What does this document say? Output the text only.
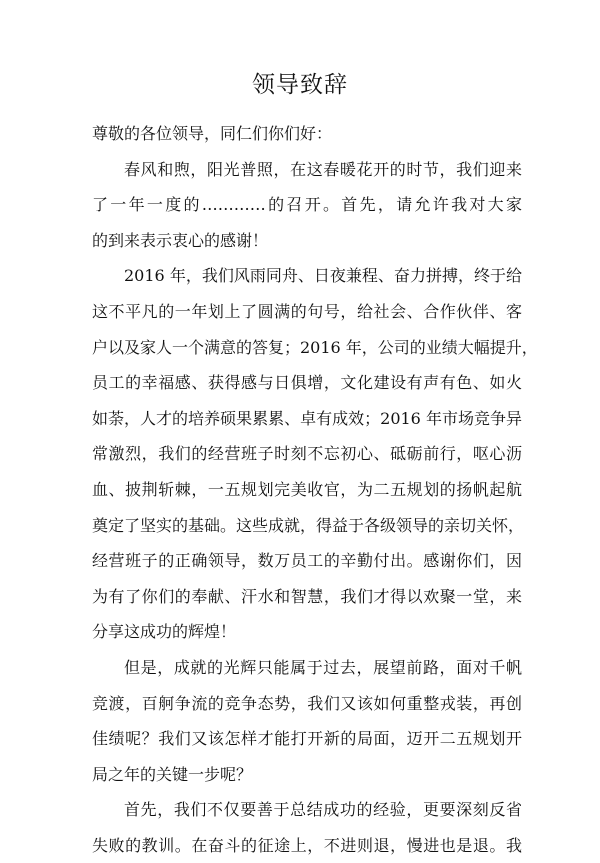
领导致辞
尊敬的各位领导，同仁们你们好：
春风和煦，阳光普照，在这春暖花开的时节，我们迎来
了一年一度的…………的召开。首先，请允许我对大家
的到来表示衷心的感谢！
2016 年，我们风雨同舟、日夜兼程、奋力拼搏，终于给
这不平凡的一年划上了圆满的句号，给社会、合作伙伴、客
户以及家人一个满意的答复；2016 年，公司的业绩大幅提升，
员工的幸福感、获得感与日俱增，文化建设有声有色、如火
如荼，人才的培养硕果累累、卓有成效；2016 年市场竞争异
常激烈，我们的经营班子时刻不忘初心、砥砺前行，呕心沥
血、披荆斩棘，一五规划完美收官，为二五规划的扬帆起航
奠定了坚实的基础。这些成就，得益于各级领导的亲切关怀，
经营班子的正确领导，数万员工的辛勤付出。感谢你们，因
为有了你们的奉献、汗水和智慧，我们才得以欢聚一堂，来
分享这成功的辉煌！
但是，成就的光辉只能属于过去，展望前路，面对千帆
竞渡，百舸争流的竞争态势，我们又该如何重整戎装，再创
佳绩呢？我们又该怎样才能打开新的局面，迈开二五规划开
局之年的关键一步呢？
首先，我们不仅要善于总结成功的经验，更要深刻反省
失败的教训。在奋斗的征途上，不进则退，慢进也是退。我
